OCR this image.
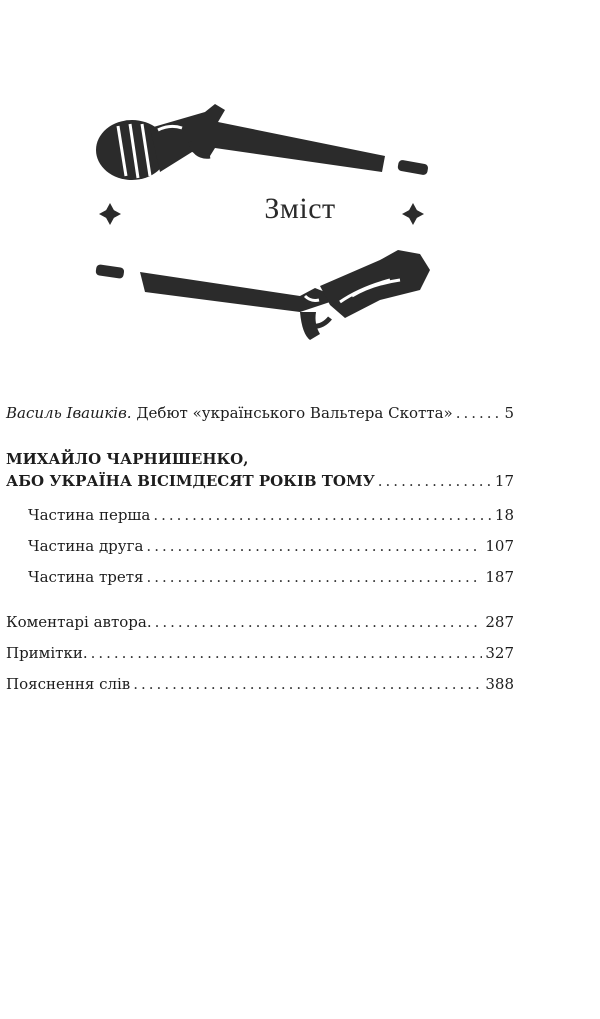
Зміст
Василь Івашків. Дебют «українського Вальтера Скотта» .....	5
МИХАЙЛО ЧАРНИШЕНКО,
АБО УКРАЇНА ВІСІМДЕСЯТ РОКІВ ТОМУ .....	17
Частина перша .....	18
Частина друга .....	107
Частина третя .....	187
Коментарі автора. .....	287
Примітки. .....	327
Пояснення слів .....	388
